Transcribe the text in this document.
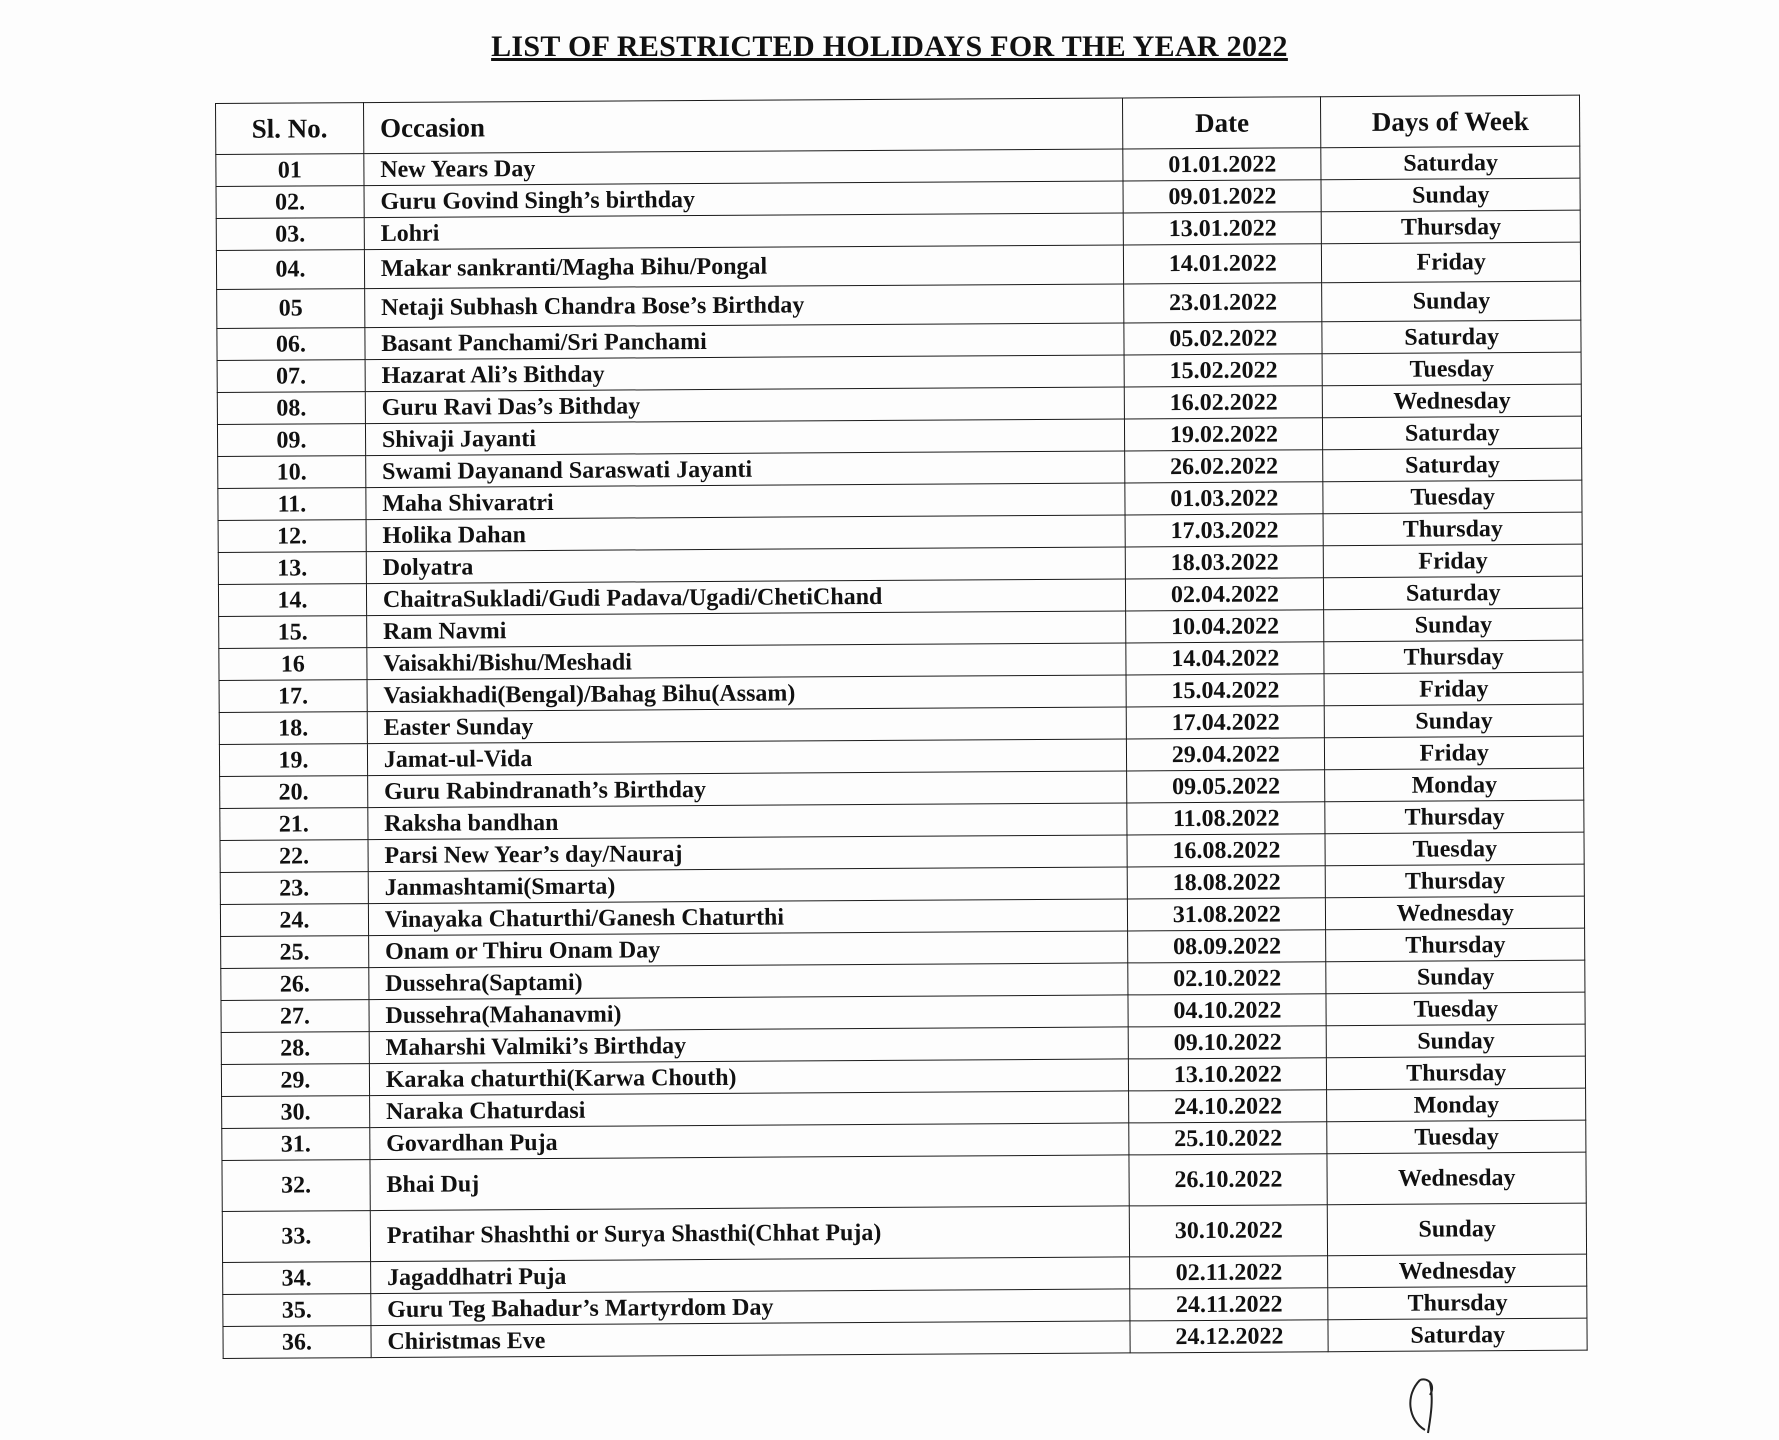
LIST OF RESTRICTED HOLIDAYS FOR THE YEAR 2022
Sl. No.	Occasion	Date	Days of Week
01	New Years Day	01.01.2022	Saturday
02.	Guru Govind Singh’s birthday	09.01.2022	Sunday
03.	Lohri	13.01.2022	Thursday
04.	Makar sankranti/Magha Bihu/Pongal	14.01.2022	Friday
05	Netaji Subhash Chandra Bose’s Birthday	23.01.2022	Sunday
06.	Basant Panchami/Sri Panchami	05.02.2022	Saturday
07.	Hazarat Ali’s Bithday	15.02.2022	Tuesday
08.	Guru Ravi Das’s Bithday	16.02.2022	Wednesday
09.	Shivaji Jayanti	19.02.2022	Saturday
10.	Swami Dayanand Saraswati Jayanti	26.02.2022	Saturday
11.	Maha Shivaratri	01.03.2022	Tuesday
12.	Holika Dahan	17.03.2022	Thursday
13.	Dolyatra	18.03.2022	Friday
14.	ChaitraSukladi/Gudi Padava/Ugadi/ChetiChand	02.04.2022	Saturday
15.	Ram Navmi	10.04.2022	Sunday
16	Vaisakhi/Bishu/Meshadi	14.04.2022	Thursday
17.	Vasiakhadi(Bengal)/Bahag Bihu(Assam)	15.04.2022	Friday
18.	Easter Sunday	17.04.2022	Sunday
19.	Jamat-ul-Vida	29.04.2022	Friday
20.	Guru Rabindranath’s Birthday	09.05.2022	Monday
21.	Raksha bandhan	11.08.2022	Thursday
22.	Parsi New Year’s day/Nauraj	16.08.2022	Tuesday
23.	Janmashtami(Smarta)	18.08.2022	Thursday
24.	Vinayaka Chaturthi/Ganesh Chaturthi	31.08.2022	Wednesday
25.	Onam or Thiru Onam Day	08.09.2022	Thursday
26.	Dussehra(Saptami)	02.10.2022	Sunday
27.	Dussehra(Mahanavmi)	04.10.2022	Tuesday
28.	Maharshi Valmiki’s Birthday	09.10.2022	Sunday
29.	Karaka chaturthi(Karwa Chouth)	13.10.2022	Thursday
30.	Naraka Chaturdasi	24.10.2022	Monday
31.	Govardhan Puja	25.10.2022	Tuesday
32.	Bhai Duj	26.10.2022	Wednesday
33.	Pratihar Shashthi or Surya Shasthi(Chhat Puja)	30.10.2022	Sunday
34.	Jagaddhatri Puja	02.11.2022	Wednesday
35.	Guru Teg Bahadur’s Martyrdom Day	24.11.2022	Thursday
36.	Chiristmas Eve	24.12.2022	Saturday
